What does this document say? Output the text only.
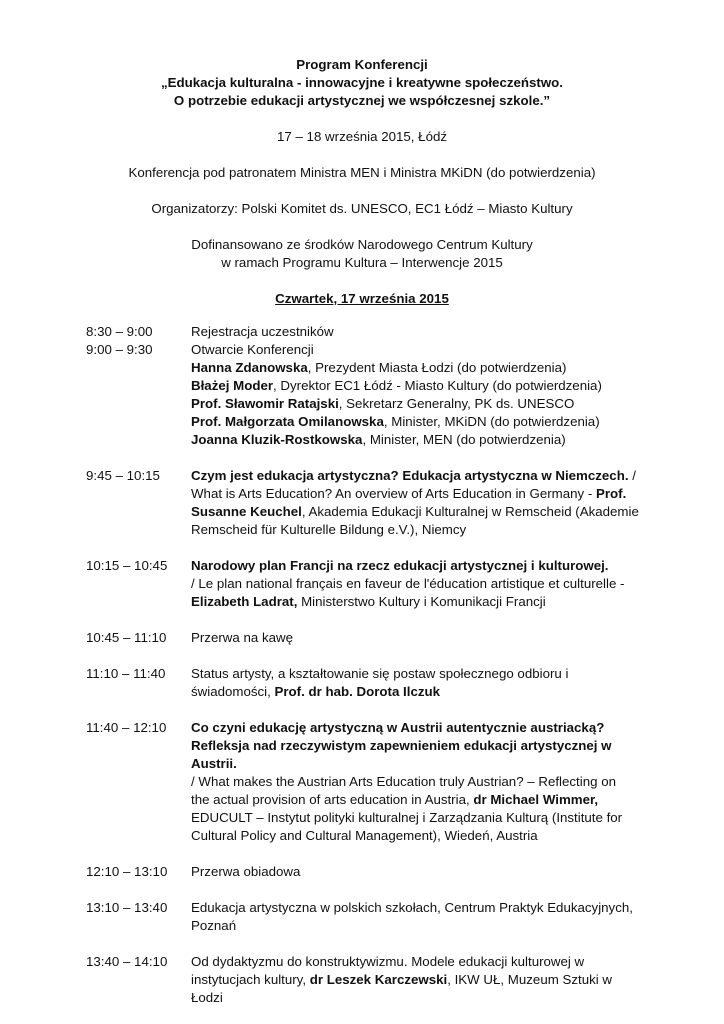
Program Konferencji
„Edukacja kulturalna - innowacyjne i kreatywne społeczeństwo.
O potrzebie edukacji artystycznej we współczesnej szkole.”
17 – 18 września 2015, Łódź
Konferencja pod patronatem Ministra MEN i Ministra MKiDN (do potwierdzenia)
Organizatorzy: Polski Komitet ds. UNESCO, EC1 Łódź – Miasto Kultury
Dofinansowano ze środków Narodowego Centrum Kultury
w ramach Programu Kultura – Interwencje 2015
Czwartek, 17 września 2015
8:30 – 9:00	Rejestracja uczestników
9:00 – 9:30	Otwarcie Konferencji
Hanna Zdanowska, Prezydent Miasta Łodzi (do potwierdzenia)
Błażej Moder, Dyrektor EC1 Łódź - Miasto Kultury (do potwierdzenia)
Prof. Sławomir Ratajski, Sekretarz Generalny, PK ds. UNESCO
Prof. Małgorzata Omilanowska, Minister, MKiDN (do potwierdzenia)
Joanna Kluzik-Rostkowska, Minister, MEN (do potwierdzenia)
9:45 – 10:15	Czym jest edukacja artystyczna? Edukacja artystyczna w Niemczech. /
What is Arts Education? An overview of Arts Education in Germany - Prof.
Susanne Keuchel, Akademia Edukacji Kulturalnej w Remscheid (Akademie
Remscheid für Kulturelle Bildung e.V.), Niemcy
10:15 – 10:45	Narodowy plan Francji na rzecz edukacji artystycznej i kulturowej.
/ Le plan national français en faveur de l'éducation artistique et culturelle -
Elizabeth Ladrat, Ministerstwo Kultury i Komunikacji Francji
10:45 – 11:10	Przerwa na kawę
11:10 – 11:40	Status artysty, a kształtowanie się postaw społecznego odbioru i
świadomości, Prof. dr hab. Dorota Ilczuk
11:40 – 12:10	Co czyni edukację artystyczną w Austrii autentycznie austriacką?
Refleksja nad rzeczywistym zapewnieniem edukacji artystycznej w
Austrii.
/ What makes the Austrian Arts Education truly Austrian? – Reflecting on
the actual provision of arts education in Austria, dr Michael Wimmer,
EDUCULT – Instytut polityki kulturalnej i Zarządzania Kulturą (Institute for
Cultural Policy and Cultural Management), Wiedeń, Austria
12:10 – 13:10	Przerwa obiadowa
13:10 – 13:40	Edukacja artystyczna w polskich szkołach, Centrum Praktyk Edukacyjnych,
Poznań
13:40 – 14:10	Od dydaktyzmu do konstruktywizmu. Modele edukacji kulturowej w
instytucjach kultury, dr Leszek Karczewski, IKW UŁ, Muzeum Sztuki w Łodzi
